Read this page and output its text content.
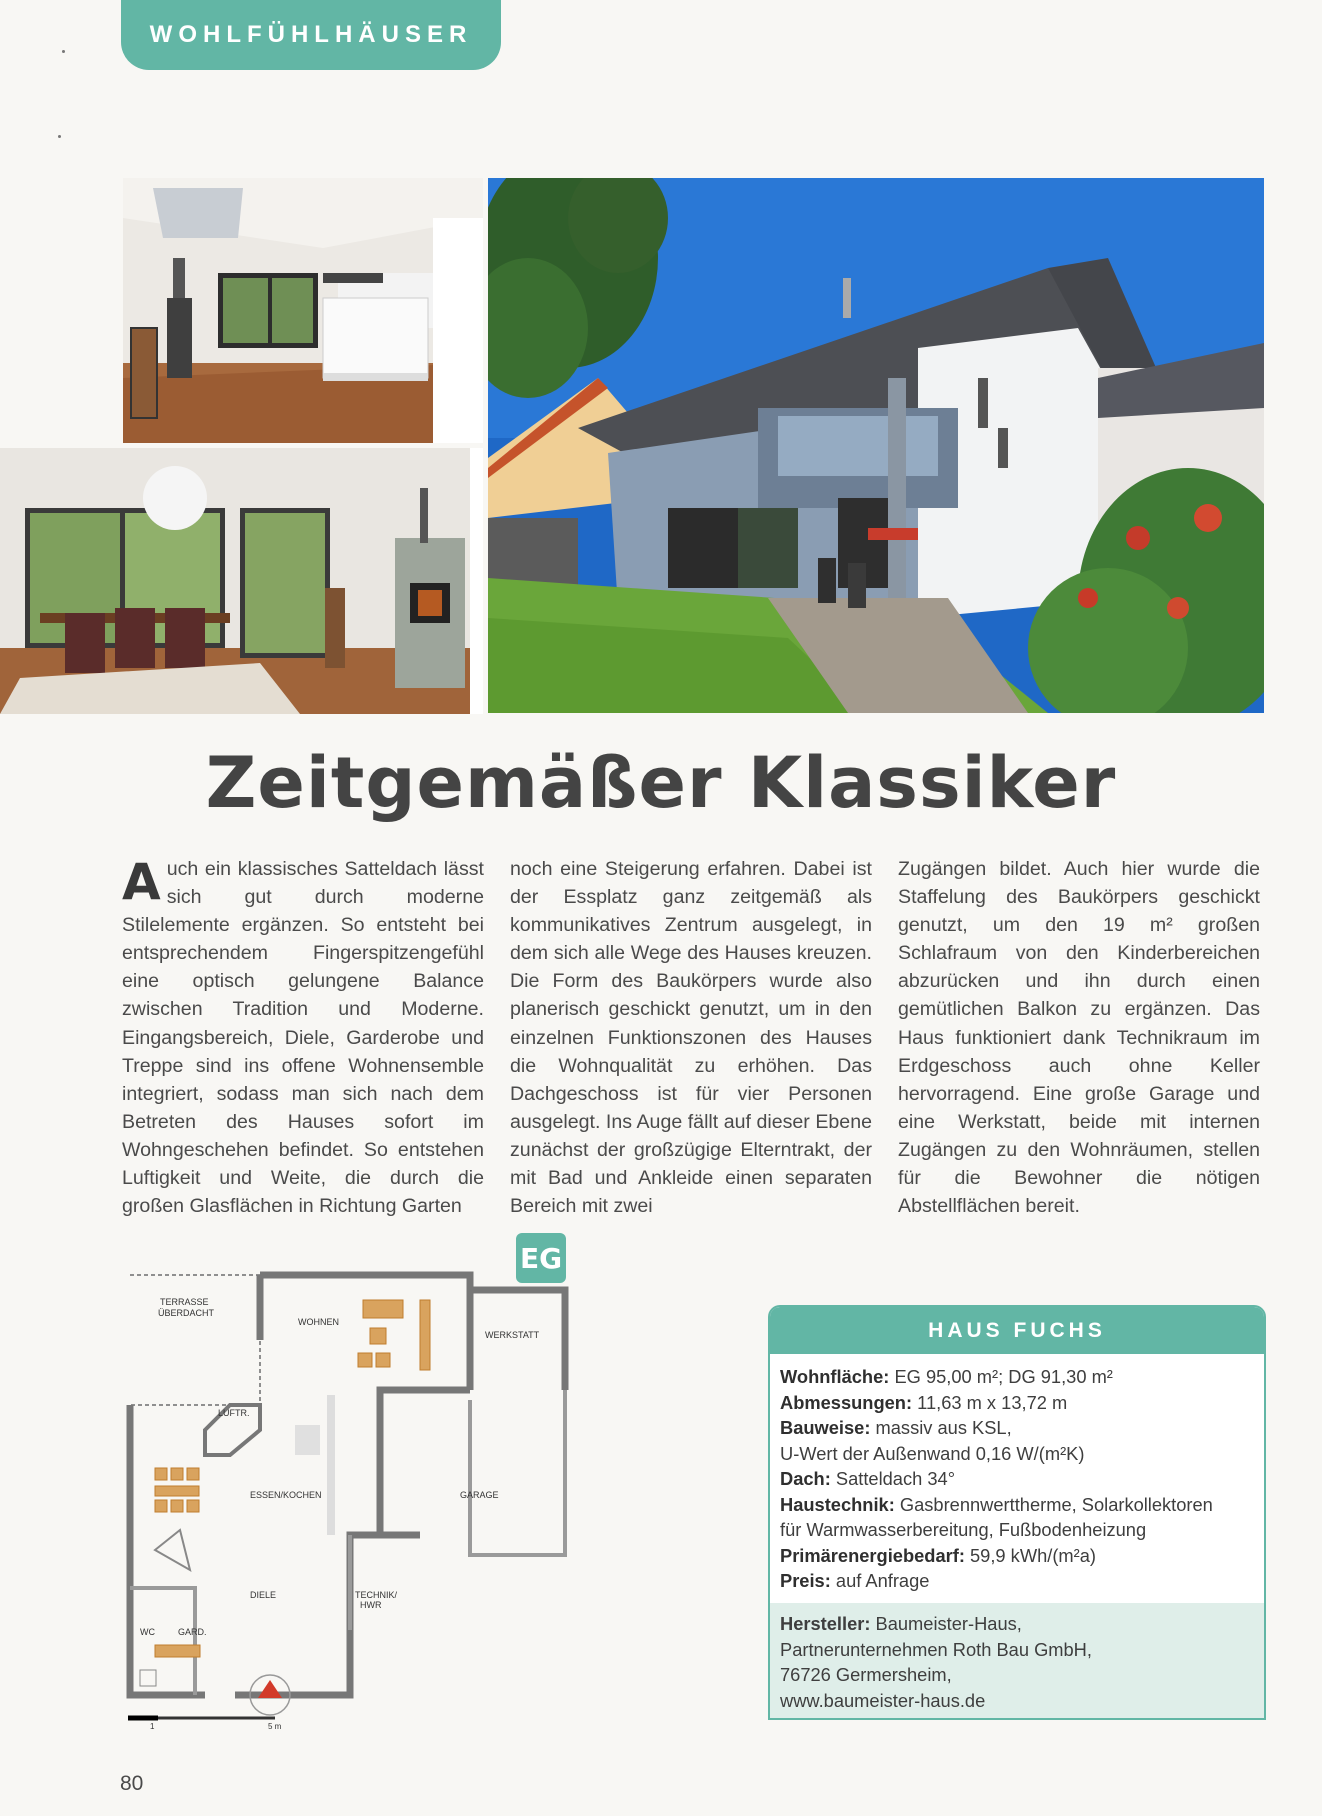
WOHLFÜHLHÄUSER
Zeitgemäßer Klassiker

Auch ein klassisches Satteldach lässt sich gut durch moderne Stilelemente ergänzen. So entsteht bei entsprechendem Fingerspitzengefühl eine optisch gelungene Balance zwischen Tradition und Moderne. Eingangsbereich, Diele, Garderobe und Treppe sind ins offene Wohnensemble integriert, sodass man sich nach dem Betreten des Hauses sofort im Wohngeschehen befindet. So entstehen Luftigkeit und Weite, die durch die großen Glasflächen in Richtung Garten

noch eine Steigerung erfahren. Dabei ist der Essplatz ganz zeitgemäß als kommunikatives Zentrum ausgelegt, in dem sich alle Wege des Hauses kreuzen. Die Form des Baukörpers wurde also planerisch geschickt genutzt, um in den einzelnen Funktionszonen des Hauses die Wohnqualität zu erhöhen. Das Dachgeschoss ist für vier Personen ausgelegt. Ins Auge fällt auf dieser Ebene zunächst der großzügige Elterntrakt, der mit Bad und Ankleide einen separaten Bereich mit zwei

Zugängen bildet. Auch hier wurde die Staffelung des Baukörpers geschickt genutzt, um den 19 m² großen Schlafraum von den Kinderbereichen abzurücken und ihn durch einen gemütlichen Balkon zu ergänzen. Das Haus funktioniert dank Technikraum im Erdgeschoss auch ohne Keller hervorragend. Eine große Garage und eine Werkstatt, beide mit internen Zugängen zu den Wohnräumen, stellen für die Bewohner die nötigen Abstellflächen bereit.

TERRASSE
ÜBERDACHT
WOHNEN
WERKSTATT
LUFTR.
ESSEN/KOCHEN	GARAGE
DIELE	TECHNIK/
HWR
WC	GARD.
1	5 m
EG
HAUS FUCHS
Wohnfläche: EG 95,00 m²; DG 91,30 m²
Abmessungen: 11,63 m x 13,72 m
Bauweise: massiv aus KSL,
U-Wert der Außenwand 0,16 W/(m²K)
Dach: Satteldach 34°
Haustechnik: Gasbrennwerttherme, Solarkollektoren
für Warmwasserbereitung, Fußbodenheizung
Primärenergiebedarf: 59,9 kWh/(m²a)
Preis: auf Anfrage
Hersteller: Baumeister-Haus,
Partnerunternehmen Roth Bau GmbH,
76726 Germersheim,
www.baumeister-haus.de
80
